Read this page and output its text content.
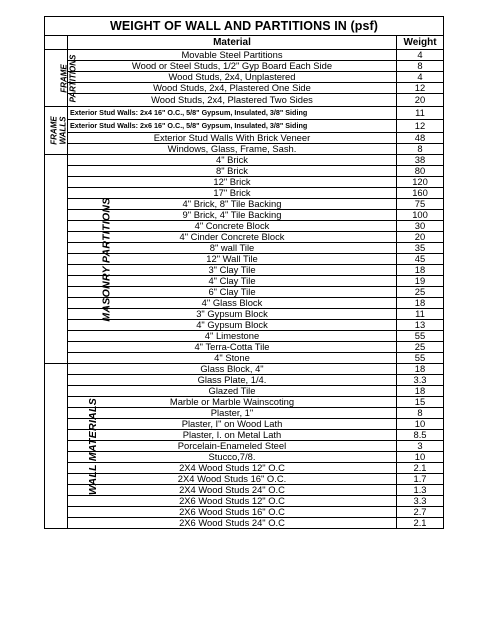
WEIGHT OF WALL AND PARTITIONS IN (psf)		
	Material	Weight

FRAME PARTITIONS	Movable Steel Partitions	4
	Wood or Steel Studs, 1/2" Gyp Board Each Side	8
	Wood Studs, 2x4, Unplastered	4
	Wood Studs, 2x4, Plastered One Side	12
	Wood Studs, 2x4, Plastered Two Sides	20

FRAME WALLS	Exterior Stud Walls: 2x4 16" O.C., 5/8" Gypsum, Insulated, 3/8" Siding	11
	Exterior Stud Walls: 2x6 16" O.C., 5/8" Gypsum, Insulated, 3/8" Siding	12
	Exterior Stud Walls With Brick Veneer	48
	Windows, Glass, Frame, Sash.	8

MASONRY PARTITIONS	4" Brick	38
	8" Brick	80
	12" Brick	120
	17" Brick	160
	4" Brick, 8" Tile Backing	75
	9" Brick, 4" Tile Backing	100
	4" Concrete Block	30
	4" Cinder Concrete Block	20
	8" wall Tile	35
	12" Wall Tile	45
	3" Clay Tile	18
	4" Clay Tile	19
	6" Clay Tile	25
	4" Glass Block	18
	3" Gypsum Block	11
	4" Gypsum Block	13
	4" Limestone	55
	4" Terra-Cotta Tile	25
	4" Stone	55

WALL MATERIALS	Glass Block, 4"	18
	Glass Plate, 1/4.	3.3
	Glazed Tile	18
	Marble or Marble Wainscoting	15
	Plaster, 1"	8
	Plaster, I" on Wood Lath	10
	Plaster, I. on Metal Lath	8.5
	Porcelain-Enameled Steel	3
	Stucco,7/8.	10
	2X4 Wood Studs 12" O.C	2.1
	2X4 Wood Studs 16" O.C.	1.7
	2X4 Wood Studs 24" O.C	1.3
	2X6 Wood Studs 12" O.C	3.3
	2X6 Wood Studs 16" O.C	2.7
	2X6 Wood Studs 24" O.C	2.1
